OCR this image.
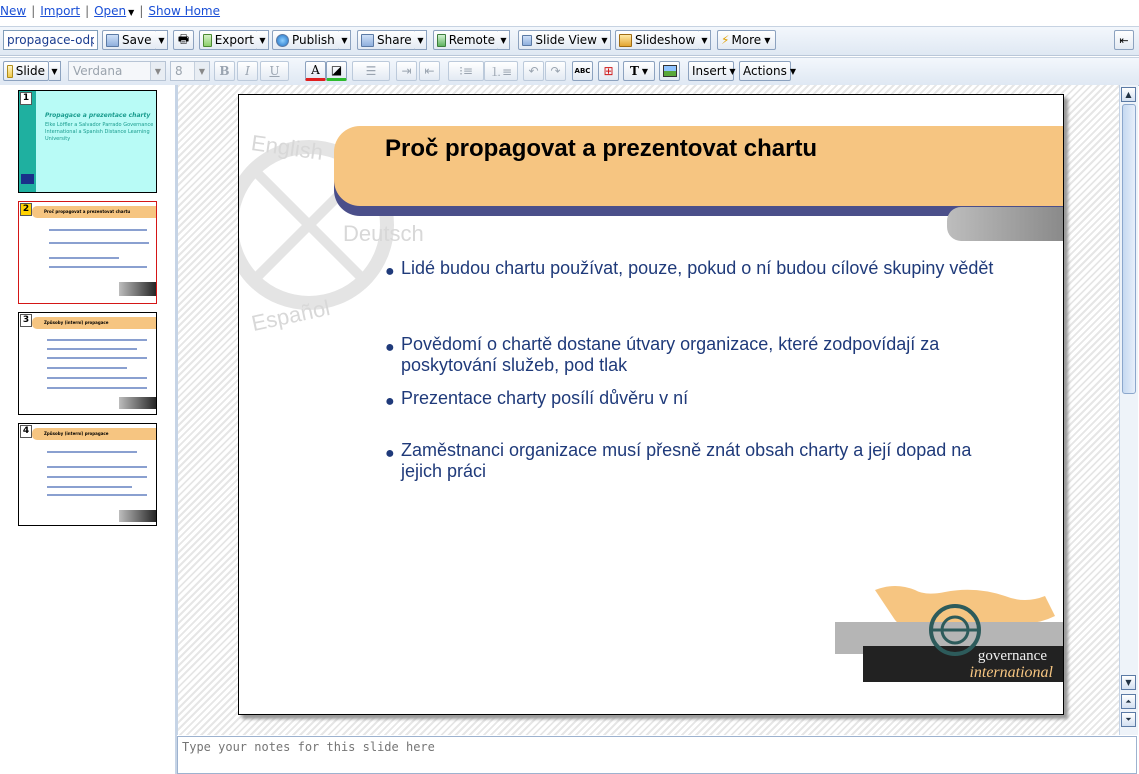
New | Import | Open ▼ | Show Home
propagace-odp
Save ▼ 🖶 Export ▼ Publish ▼ Share ▼ Remote ▼ Slide View ▼ Slideshow ▼ ⚡ More ▼	⇤
Slide ▼ Verdana	▼	8	▼	B I U	A ◪ ☰ ⇥ ⇤ ⁝≡ ⒈≡ ↶ ↷ ABC ⊞ T ▼	Insert ▼ Actions ▼
1
Propagace a prezentace charty
Elke Löffler a Salvador Parrado Governance International a Spanish Distance Learning University
2	Proč propagovat a prezentovat chartu
3	Způsoby (interní) propagace
4	Způsoby (interní) propagace
English
Deutsch
Español
Proč propagovat a prezentovat chartu
● Lidé budou chartu používat, pouze, pokud o ní budou cílové skupiny vědět
● Povědomí o chartě dostane útvary organizace, které zodpovídají za poskytování služeb, pod tlak
● Prezentace charty posílí důvěru v ní
● Zaměstnanci organizace musí přesně znát obsah charty a její dopad na jejich práci
governance
international
▲
▼
⏶
⏷
Type your notes for this slide here
